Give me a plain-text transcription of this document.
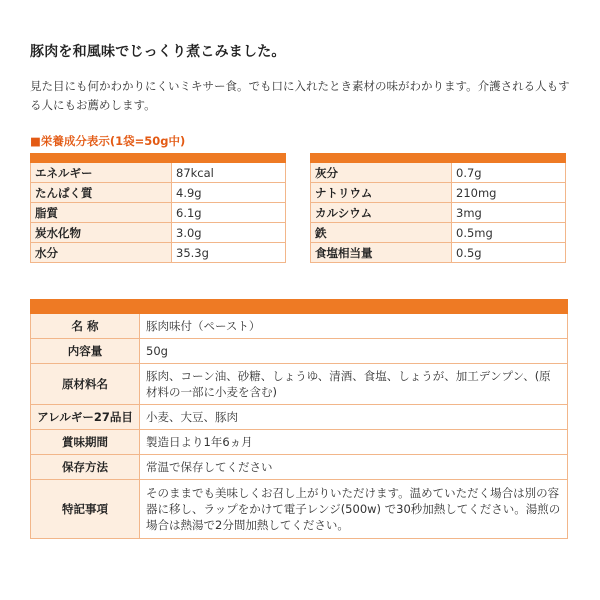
豚肉を和風味でじっくり煮こみました。
見た目にも何かわかりにくいミキサー食。でも口に入れたとき素材の味がわかります。介護される人もする人にもお薦めします。
■栄養成分表示(1袋=50g中)
エネルギー	87kcal
たんぱく質	4.9g
脂質	6.1g
炭水化物	3.0g
水分	35.3g
灰分	0.7g
ナトリウム	210mg
カルシウム	3mg
鉄	0.5mg
食塩相当量	0.5g
名 称	豚肉味付（ペースト）
内容量	50g
原材料名	豚肉、コーン油、砂糖、しょうゆ、清酒、食塩、しょうが、加工デンプン、(原材料の一部に小麦を含む)
アレルギー27品目	小麦、大豆、豚肉
賞味期間	製造日より1年6ヵ月
保存方法	常温で保存してください
特記事項	そのままでも美味しくお召し上がりいただけます。温めていただく場合は別の容器に移し、ラップをかけて電子レンジ(500w) で30秒加熱してください。湯煎の場合は熱湯で2分間加熱してください。
